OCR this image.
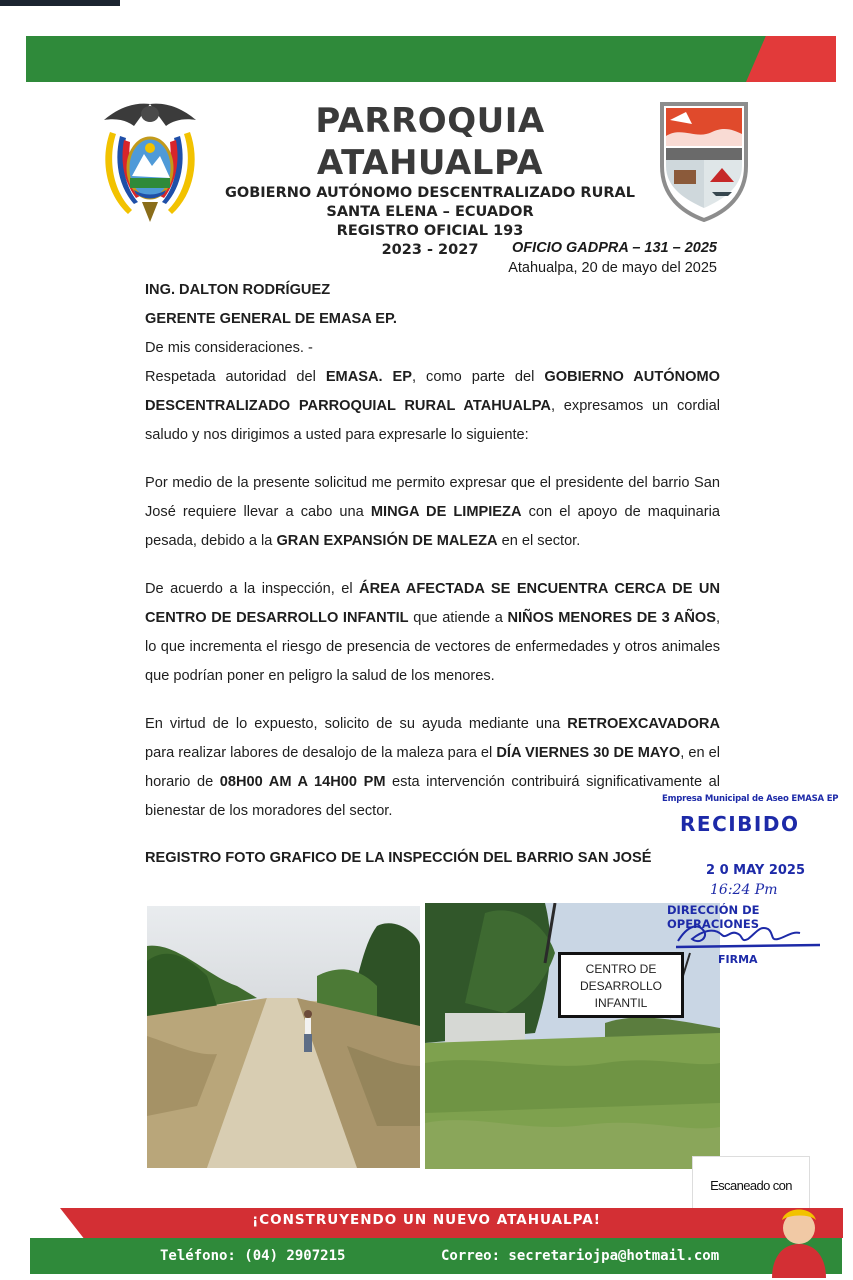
PARROQUIA ATAHUALPA
GOBIERNO AUTÓNOMO DESCENTRALIZADO RURAL
SANTA ELENA – ECUADOR
REGISTRO OFICIAL 193
2023 - 2027	OFICIO GADPRA – 131 – 2025
Atahualpa, 20 de mayo del 2025
ING. DALTON RODRÍGUEZ
GERENTE GENERAL DE EMASA EP.
De mis consideraciones. -

Respetada autoridad del EMASA. EP, como parte del GOBIERNO AUTÓNOMO DESCENTRALIZADO PARROQUIAL RURAL ATAHUALPA, expresamos un cordial saludo y nos dirigimos a usted para expresarle lo siguiente:

Por medio de la presente solicitud me permito expresar que el presidente del barrio San José requiere llevar a cabo una MINGA DE LIMPIEZA con el apoyo de maquinaria pesada, debido a la GRAN EXPANSIÓN DE MALEZA en el sector.

De acuerdo a la inspección, el ÁREA AFECTADA SE ENCUENTRA CERCA DE UN CENTRO DE DESARROLLO INFANTIL que atiende a NIÑOS MENORES DE 3 AÑOS, lo que incrementa el riesgo de presencia de vectores de enfermedades y otros animales que podrían poner en peligro la salud de los menores.

En virtud de lo expuesto, solicito de su ayuda mediante una RETROEXCAVADORA para realizar labores de desalojo de la maleza para el DÍA VIERNES 30 DE MAYO, en el horario de 08H00 AM A 14H00 PM esta intervención contribuirá significativamente al bienestar de los moradores del sector.

REGISTRO FOTO GRAFICO DE LA INSPECCIÓN DEL BARRIO SAN JOSÉ
CENTRO DE
DESARROLLO
INFANTIL
Empresa Municipal de Aseo EMASA EP
RECIBIDO
2 0 MAY 2025
16:24 Pm
DIRECCIÓN DE OPERACIONES
FIRMA
Escaneado con
¡CONSTRUYENDO UN NUEVO ATAHUALPA!
Teléfono: (04) 2907215	Correo: secretariojpa@hotmail.com
